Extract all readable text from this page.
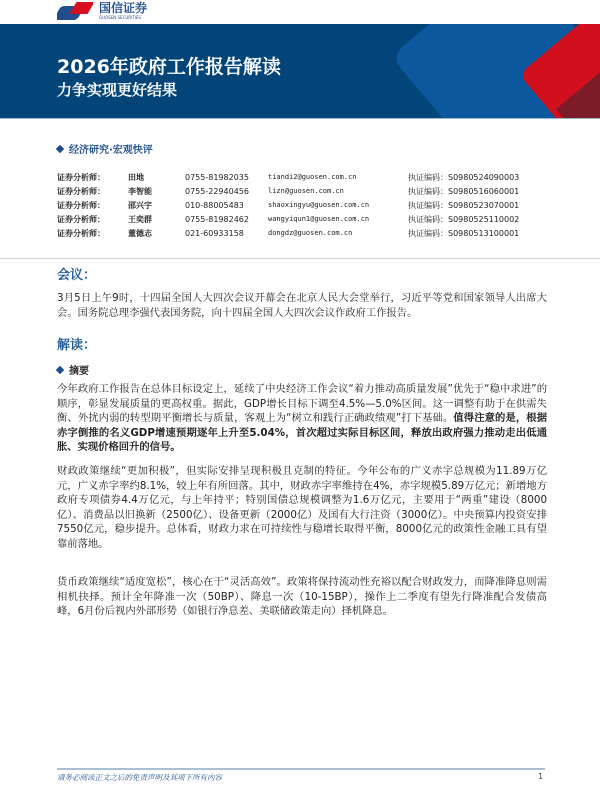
国信证券
GUOSEN SECURITIES
2026年政府工作报告解读
力争实现更好结果
经济研究·宏观快评
证券分析师：	田地	0755-81982035	tiandi2@guosen.com.cn	执证编码：S0980524090003
证券分析师：	李智能	0755-22940456	lizn@guosen.com.cn	执证编码：S0980516060001
证券分析师：	邵兴宇	010-88005483	shaoxingyu@guosen.com.cn	执证编码：S0980523070001
证券分析师：	王奕群	0755-81982462	wangyiqun1@guosen.com.cn	执证编码：S0980525110002
证券分析师：	董德志	021-60933158	dongdz@guosen.com.cn	执证编码：S0980513100001
会议：
3月5日上午9时，十四届全国人大四次会议开幕会在北京人民大会堂举行，习近平等党和国家领导人出席大会。国务院总理李强代表国务院，向十四届全国人大四次会议作政府工作报告。
解读：
摘要
今年政府工作报告在总体目标设定上，延续了中央经济工作会议“着力推动高质量发展”优先于“稳中求进”的顺序，彰显发展质量的更高权重。据此，GDP增长目标下调至4.5%—5.0%区间。这一调整有助于在供需失衡、外扰内弱的转型期平衡增长与质量，客观上为“树立和践行正确政绩观”打下基础。值得注意的是，根据赤字倒推的名义GDP增速预期逐年上升至5.04%，首次超过实际目标区间，释放出政府强力推动走出低通胀、实现价格回升的信号。
财政政策继续“更加积极”，但实际安排呈现积极且克制的特征。今年公布的广义赤字总规模为11.89万亿元，广义赤字率约8.1%，较上年有所回落。其中，财政赤字率维持在4%，赤字规模5.89万亿元；新增地方政府专项债券4.4万亿元，与上年持平；特别国债总规模调整为1.6万亿元，主要用于“两重”建设（8000亿）、消费品以旧换新（2500亿）、设备更新（2000亿）及国有大行注资（3000亿）。中央预算内投资安排7550亿元，稳步提升。总体看，财政力求在可持续性与稳增长取得平衡，8000亿元的政策性金融工具有望靠前落地。
货币政策继续“适度宽松”，核心在于“灵活高效”。政策将保持流动性充裕以配合财政发力，而降准降息则需相机抉择。预计全年降准一次（50BP）、降息一次（10-15BP），操作上二季度有望先行降准配合发债高峰，6月份后视内外部形势（如银行净息差、美联储政策走向）择机降息。
请务必阅读正文之后的免责声明及其项下所有内容	1
